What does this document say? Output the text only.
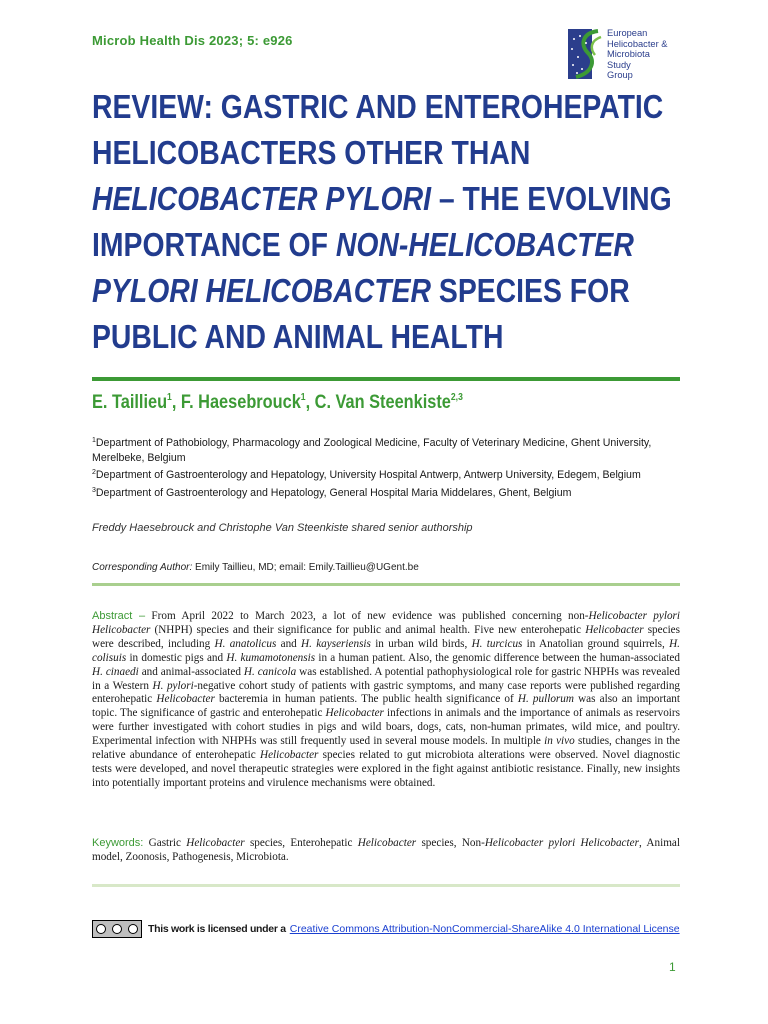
Microb Health Dis 2023; 5: e926	European
Helicobacter &
Microbiota
Study
Group
REVIEW: GASTRIC AND ENTEROHEPATIC
HELICOBACTERS OTHER THAN
HELICOBACTER PYLORI – THE EVOLVING
IMPORTANCE OF NON-HELICOBACTER
PYLORI HELICOBACTER SPECIES FOR
PUBLIC AND ANIMAL HEALTH
E. Taillieu$^1$, F. Haesebrouck$^1$, C. Van Steenkiste$^{2,3}$

$^1$Department of Pathobiology, Pharmacology and Zoological Medicine, Faculty of Veterinary Medicine, Ghent University, Merelbeke, Belgium

$^2$Department of Gastroenterology and Hepatology, University Hospital Antwerp, Antwerp University, Edegem, Belgium

$^3$Department of Gastroenterology and Hepatology, General Hospital Maria Middelares, Ghent, Belgium

Freddy Haesebrouck and Christophe Van Steenkiste shared senior authorship
Corresponding Author: Emily Taillieu, MD; email: Emily.Taillieu@UGent.be
Abstract – From April 2022 to March 2023, a lot of new evidence was published concerning non-Helicobacter pylori Helicobacter (NHPH) species and their significance for public and animal health. Five new enterohepatic Helicobacter species were described, including H. anatolicus and H. kayseriensis in urban wild birds, H. turcicus in Anatolian ground squirrels, H. colisuis in domestic pigs and H. kumamotonensis in a human patient. Also, the genomic difference between the human-associated H. cinaedi and animal-associated H. canicola was established. A potential pathophysiological role for gastric NHPHs was revealed in a Western H. pylori-negative cohort study of patients with gastric symptoms, and many case reports were published regarding enterohepatic Helicobacter bacteremia in human patients. The public health significance of H. pullorum was also an important topic. The significance of gastric and enterohepatic Helicobacter infections in animals and the importance of animals as reservoirs were further investigated with cohort studies in pigs and wild boars, dogs, cats, non-human primates, wild mice, and poultry. Experimental infection with NHPHs was still frequently used in several mouse models. In multiple in vivo studies, changes in the relative abundance of enterohepatic Helicobacter species related to gut microbiota alterations were observed. Novel diagnostic tests were developed, and novel therapeutic strategies were explored in the fight against antibiotic resistance. Finally, new insights into potentially important proteins and virulence mechanisms were obtained.
Keywords: Gastric Helicobacter species, Enterohepatic Helicobacter species, Non-Helicobacter pylori Helicobacter, Animal model, Zoonosis, Pathogenesis, Microbiota.
This work is licensed under a Creative Commons Attribution-NonCommercial-ShareAlike 4.0 International License
1
